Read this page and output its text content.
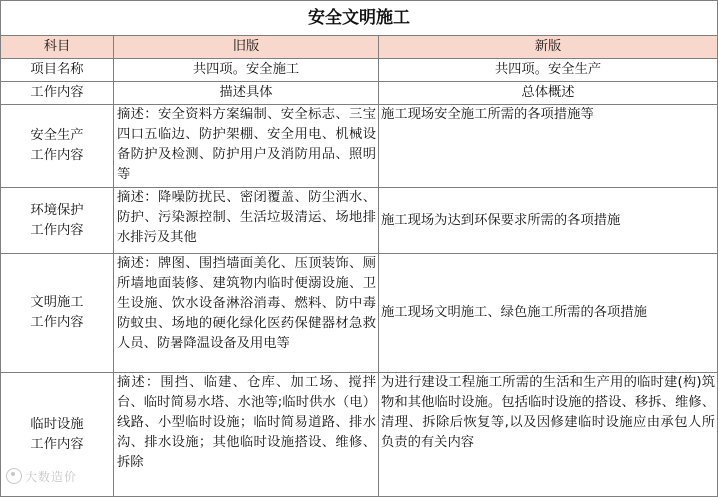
安全文明施工		
科目	旧版	新版
项目名称	共四项。安全施工	共四项。安全生产
工作内容	描述具体	总体概述

安全生产
工作内容	摘述：安全资料方案编制、安全标志、三宝四口五临边、防护架棚、安全用电、机械设备防护及检测、防护用户及消防用品、照明等	施工现场安全施工所需的各项措施等

环境保护
工作内容	摘述：降噪防扰民、密闭覆盖、防尘洒水、防护、污染源控制、生活垃圾清运、场地排水排污及其他	施工现场为达到环保要求所需的各项措施

文明施工
工作内容	摘述：牌图、围挡墙面美化、压顶装饰、厕所墙地面装修、建筑物内临时便溺设施、卫生设施、饮水设备淋浴消毒、燃料、防中毒防蚊虫、场地的硬化绿化医药保健器材急救人员、防暑降温设备及用电等	施工现场文明施工、绿色施工所需的各项措施

临时设施
工作内容	摘述：围挡、临建、仓库、加工场、搅拌台、临时简易水塔、水池等;临时供水（电）线路、小型临时设施；临时简易道路、排水沟、排水设施；其他临时设施搭设、维修、拆除	为进行建设工程施工所需的生活和生产用的临时建(构)筑物和其他临时设施。包括临时设施的搭设、移拆、维修、清理、拆除后恢复等,以及因修建临时设施应由承包人所负责的有关内容
大数造价
